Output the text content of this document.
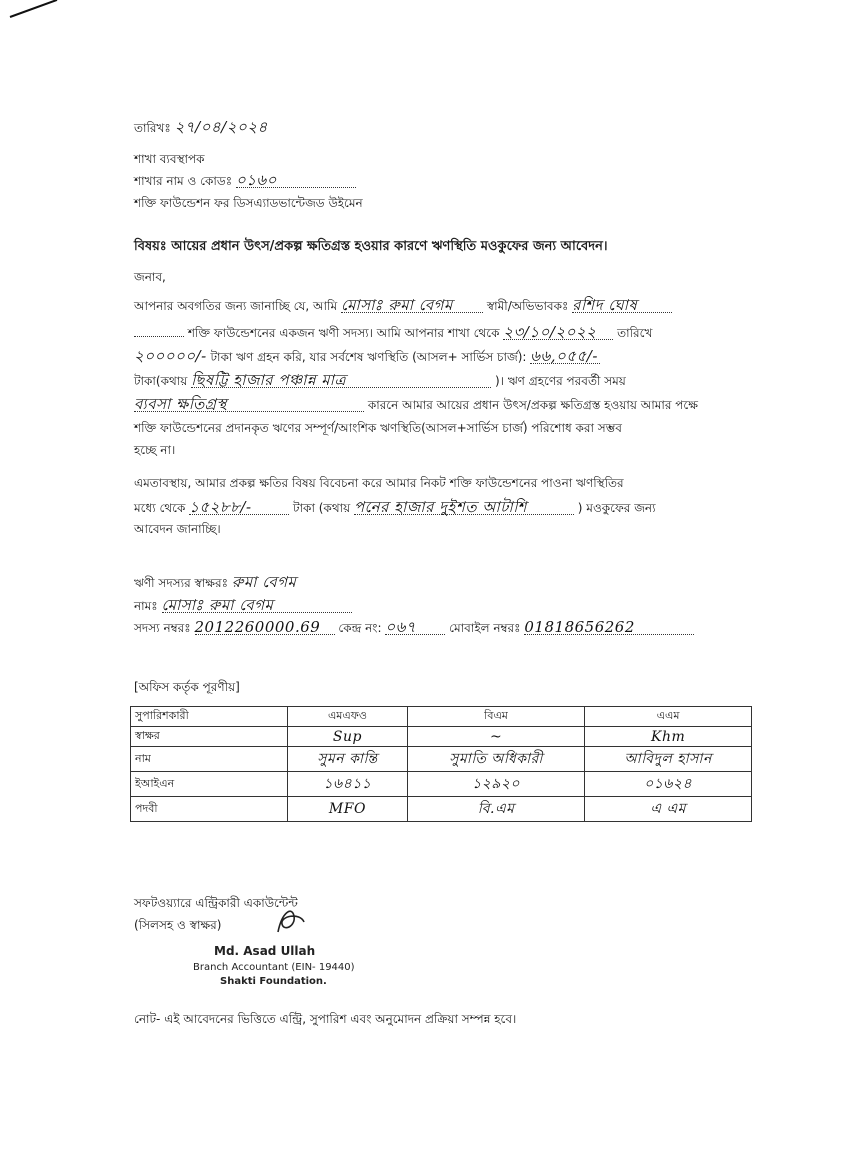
তারিখঃ ২৭/০৪/২০২৪
শাখা ব্যবস্থাপক
শাখার নাম ও কোডঃ ০১৬০
শক্তি ফাউন্ডেশন ফর ডিসএ্যাডভান্টেজড উইমেন
বিষয়ঃ আয়ের প্রধান উৎস/প্রকল্প ক্ষতিগ্রস্ত হওয়ার কারণে ঋণস্থিতি মওকুফের জন্য আবেদন।
জনাব,
আপনার অবগতির জন্য জানাচ্ছি যে, আমি মোসাঃ রুমা বেগম	স্বামী/অভিভাবকঃ রশিদ ঘোষ
শক্তি ফাউন্ডেশনের একজন ঋণী সদস্য। আমি আপনার শাখা থেকে ২৩/১০/২০২২ তারিখে
২০০০০০/- টাকা ঋণ গ্রহন করি, যার সর্বশেষ ঋণস্থিতি (আসল+ সার্ভিস চার্জ): ৬৬,০৫৫/-
টাকা(কথায় ছিষট্টি হাজার পঞ্চান্ন মাত্র	)। ঋণ গ্রহণের পরবর্তী সময়
ব্যবসা ক্ষতিগ্রস্থ	কারনে আমার আয়ের প্রধান উৎস/প্রকল্প ক্ষতিগ্রস্ত হওয়ায় আমার পক্ষে
শক্তি ফাউন্ডেশনের প্রদানকৃত ঋণের সম্পূর্ণ/আংশিক ঋণস্থিতি(আসল+সার্ভিস চার্জ) পরিশোধ করা সম্ভব
হচ্ছে না।
এমতাবস্থায়, আমার প্রকল্প ক্ষতির বিষয় বিবেচনা করে আমার নিকট শক্তি ফাউন্ডেশনের পাওনা ঋণস্থিতির
মধ্যে থেকে ১৫২৮৮/-	টাকা (কথায় পনের হাজার দুইশত আটাশি	) মওকুফের জন্য
আবেদন জানাচ্ছি।
ঋণী সদস্যর স্বাক্ষরঃ রুমা বেগম
নামঃ মোসাঃ রুমা বেগম
সদস্য নম্বরঃ 2012260000.69 কেন্দ্র নং: ০৬৭	মোবাইল নম্বরঃ 01818656262
[অফিস কর্তৃক পূরণীয়]
সুপারিশকারী	এমএফও	বিএম	এএম
স্বাক্ষর	Sup	~	Khm
নাম	সুমন কান্তি	সুমাতি অধিকারী	আবিদুল হাসান
ইআইএন	১৬৪১১	১২৯২০	০১৬২৪
পদবী	MFO	বি.এম	এ এম
সফটওয়্যারে এন্ট্রিকারী একাউন্টেন্ট
(সিলসহ ও স্বাক্ষর)
Md. Asad Ullah
Branch Accountant (EIN- 19440)
Shakti Foundation.
নোট- এই আবেদনের ভিত্তিতে এন্ট্রি, সুপারিশ এবং অনুমোদন প্রক্রিয়া সম্পন্ন হবে।
